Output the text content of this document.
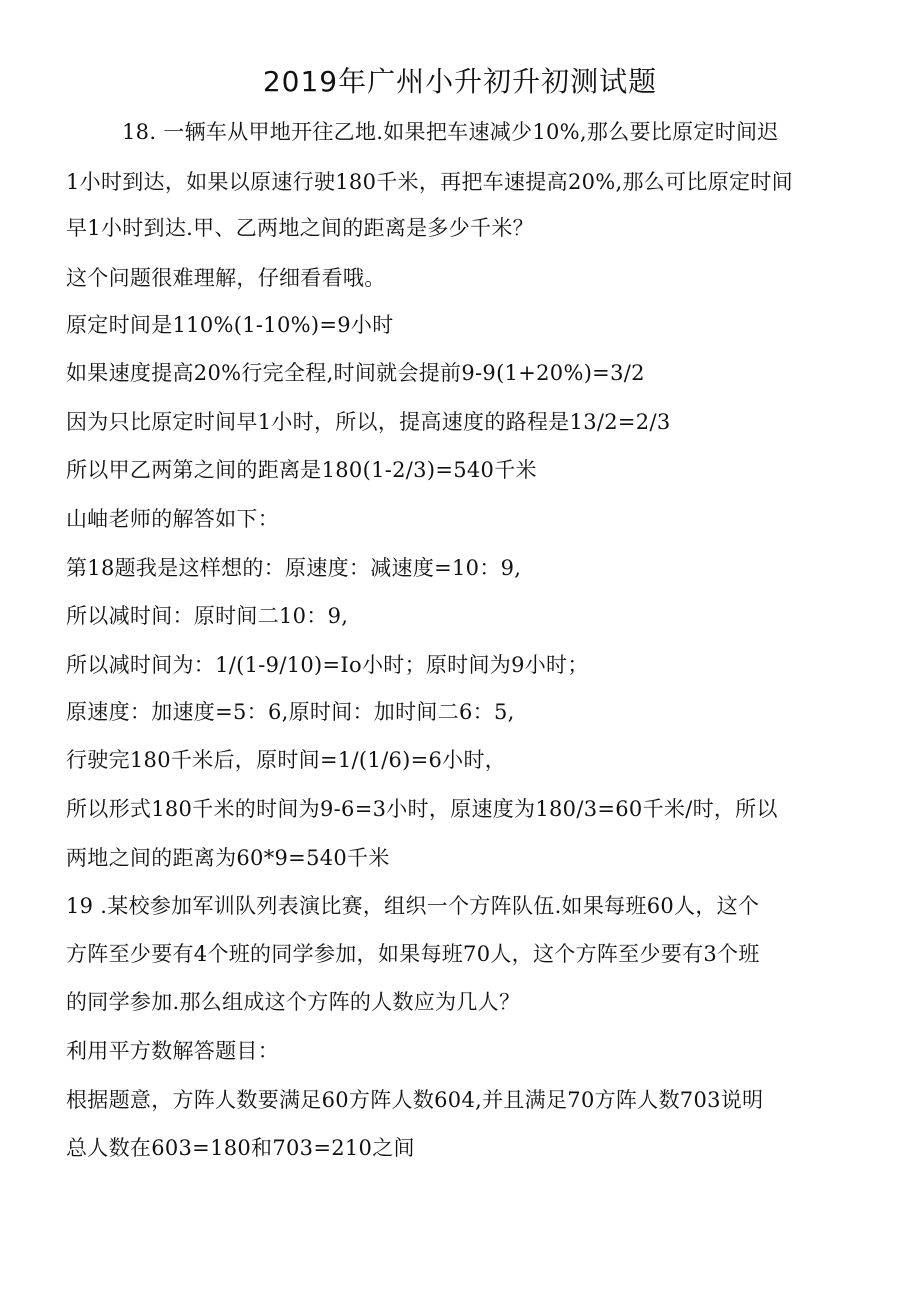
2019年广州小升初升初测试题
18. 一辆车从甲地开往乙地.如果把车速减少10%,那么要比原定时间迟
1小时到达，如果以原速行驶180千米，再把车速提高20%,那么可比原定时间
早1小时到达.甲、乙两地之间的距离是多少千米？
这个问题很难理解，仔细看看哦。
原定时间是110%(1-10%)=9小时
如果速度提高20%行完全程,时间就会提前9-9(1+20%)=3/2
因为只比原定时间早1小时，所以，提高速度的路程是13/2=2/3
所以甲乙两第之间的距离是180(1-2/3)=540千米
山岫老师的解答如下：
第18题我是这样想的：原速度：减速度=10：9,
所以减时间：原时间二10：9,
所以减时间为：1/(1-9/10)=Io小时；原时间为9小时；
原速度：加速度=5：6,原时间：加时间二6：5,
行驶完180千米后，原时间=1/(1/6)=6小时，
所以形式180千米的时间为9-6=3小时，原速度为180/3=60千米/时，所以
两地之间的距离为60*9=540千米
19 .某校参加军训队列表演比赛，组织一个方阵队伍.如果每班60人，这个
方阵至少要有4个班的同学参加，如果每班70人，这个方阵至少要有3个班
的同学参加.那么组成这个方阵的人数应为几人？
利用平方数解答题目：
根据题意，方阵人数要满足60方阵人数604,并且满足70方阵人数703说明
总人数在603=180和703=210之间
